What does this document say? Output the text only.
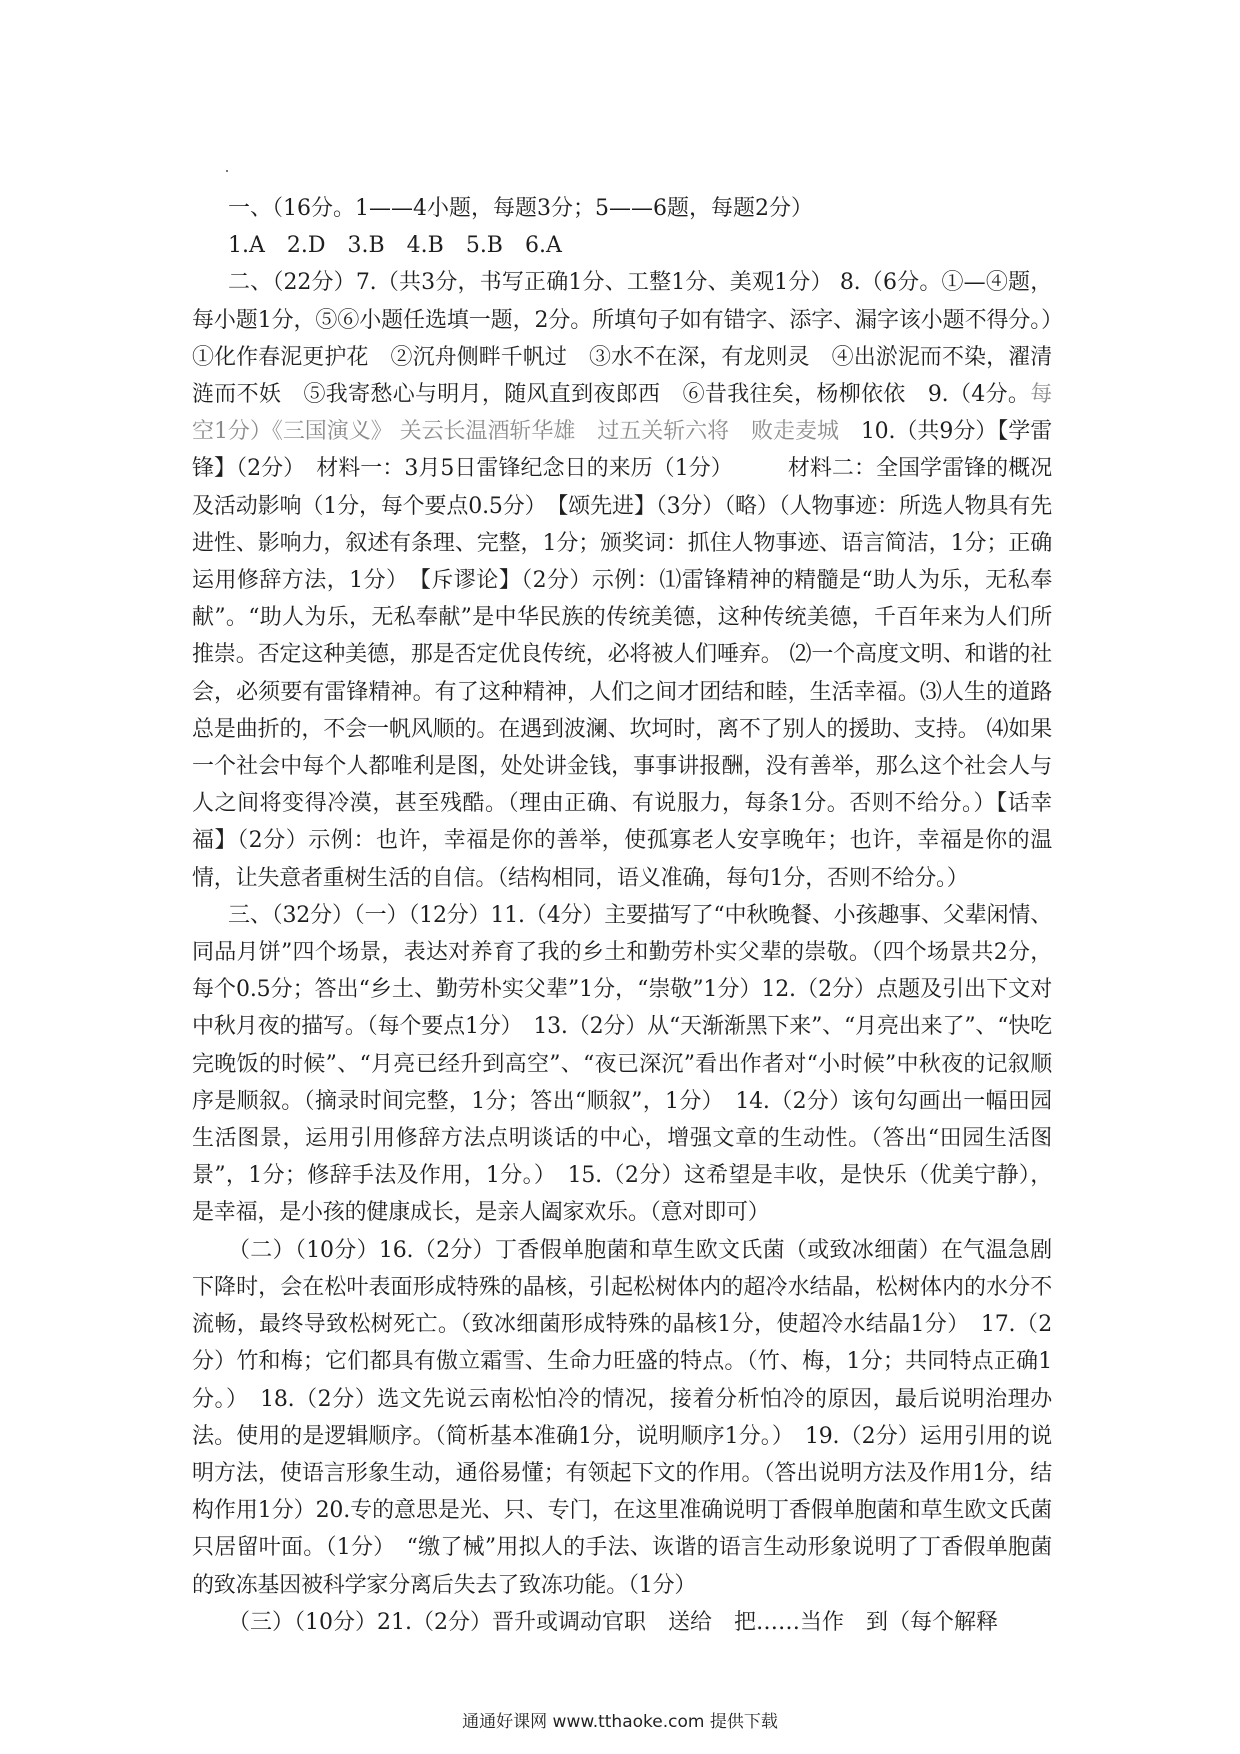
一、（16分。1——4小题，每题3分；5——6题，每题2分）

1.A　2.D　3.B　4.B　5.B　6.A

二、（22分）7.（共3分，书写正确1分、工整1分、美观1分） 8.（6分。①—④题，每小题1分，⑤⑥小题任选填一题，2分。所填句子如有错字、添字、漏字该小题不得分。）①化作春泥更护花　②沉舟侧畔千帆过　③水不在深，有龙则灵　④出淤泥而不染，濯清涟而不妖　⑤我寄愁心与明月，随风直到夜郎西　⑥昔我往矣，杨柳依依　9.（4分。每空1分）《三国演义》 关云长温酒斩华雄　过五关斩六将　败走麦城　10.（共9分）【学雷锋】（2分）　材料一：3月5日雷锋纪念日的来历（1分）　　　材料二：全国学雷锋的概况及活动影响（1分，每个要点0.5分）　【颂先进】（3分）（略）（人物事迹：所选人物具有先进性、影响力，叙述有条理、完整，1分；颁奖词：抓住人物事迹、语言简洁，1分；正确运用修辞方法，1分）　【斥谬论】（2分）示例：⑴雷锋精神的精髓是“助人为乐，无私奉献”。“助人为乐，无私奉献”是中华民族的传统美德，这种传统美德，千百年来为人们所推崇。否定这种美德，那是否定优良传统，必将被人们唾弃。 ⑵一个高度文明、和谐的社会，必须要有雷锋精神。有了这种精神，人们之间才团结和睦，生活幸福。⑶人生的道路总是曲折的，不会一帆风顺的。在遇到波澜、坎坷时，离不了别人的援助、支持。 ⑷如果一个社会中每个人都唯利是图，处处讲金钱，事事讲报酬，没有善举，那么这个社会人与人之间将变得冷漠，甚至残酷。（理由正确、有说服力，每条1分。否则不给分。）【话幸福】（2分）示例：也许，幸福是你的善举，使孤寡老人安享晚年；也许，幸福是你的温情，让失意者重树生活的自信。（结构相同，语义准确，每句1分，否则不给分。）

三、（32分）（一）（12分）11.（4分）主要描写了“中秋晚餐、小孩趣事、父辈闲情、同品月饼”四个场景，表达对养育了我的乡土和勤劳朴实父辈的崇敬。（四个场景共2分，每个0.5分；答出“乡土、勤劳朴实父辈”1分，“崇敬”1分）12.（2分）点题及引出下文对中秋月夜的描写。（每个要点1分）　13.（2分）从“天渐渐黑下来”、“月亮出来了”、“快吃完晚饭的时候”、“月亮已经升到高空”、“夜已深沉”看出作者对“小时候”中秋夜的记叙顺序是顺叙。（摘录时间完整，1分；答出“顺叙”，1分）　14.（2分）该句勾画出一幅田园生活图景，运用引用修辞方法点明谈话的中心，增强文章的生动性。（答出“田园生活图景”，1分；修辞手法及作用，1分。）　15.（2分）这希望是丰收，是快乐（优美宁静），是幸福，是小孩的健康成长，是亲人阖家欢乐。（意对即可）

（二）（10分）16.（2分）丁香假单胞菌和草生欧文氏菌（或致冰细菌）在气温急剧下降时，会在松叶表面形成特殊的晶核，引起松树体内的超冷水结晶，松树体内的水分不流畅，最终导致松树死亡。（致冰细菌形成特殊的晶核1分，使超冷水结晶1分）　17.（2分）竹和梅；它们都具有傲立霜雪、生命力旺盛的特点。（竹、梅，1分；共同特点正确1分。）　18.（2分）选文先说云南松怕冷的情况，接着分析怕冷的原因，最后说明治理办法。使用的是逻辑顺序。（简析基本准确1分，说明顺序1分。）　19.（2分）运用引用的说明方法，使语言形象生动，通俗易懂；有领起下文的作用。（答出说明方法及作用1分，结构作用1分）20.专的意思是光、只、专门，在这里准确说明丁香假单胞菌和草生欧文氏菌只居留叶面。（1分）　“缴了械”用拟人的手法、诙谐的语言生动形象说明了丁香假单胞菌的致冻基因被科学家分离后失去了致冻功能。（1分）

（三）（10分）21.（2分）晋升或调动官职　送给　把……当作　到（每个解释

通通好课网 www.tthaoke.com 提供下载
